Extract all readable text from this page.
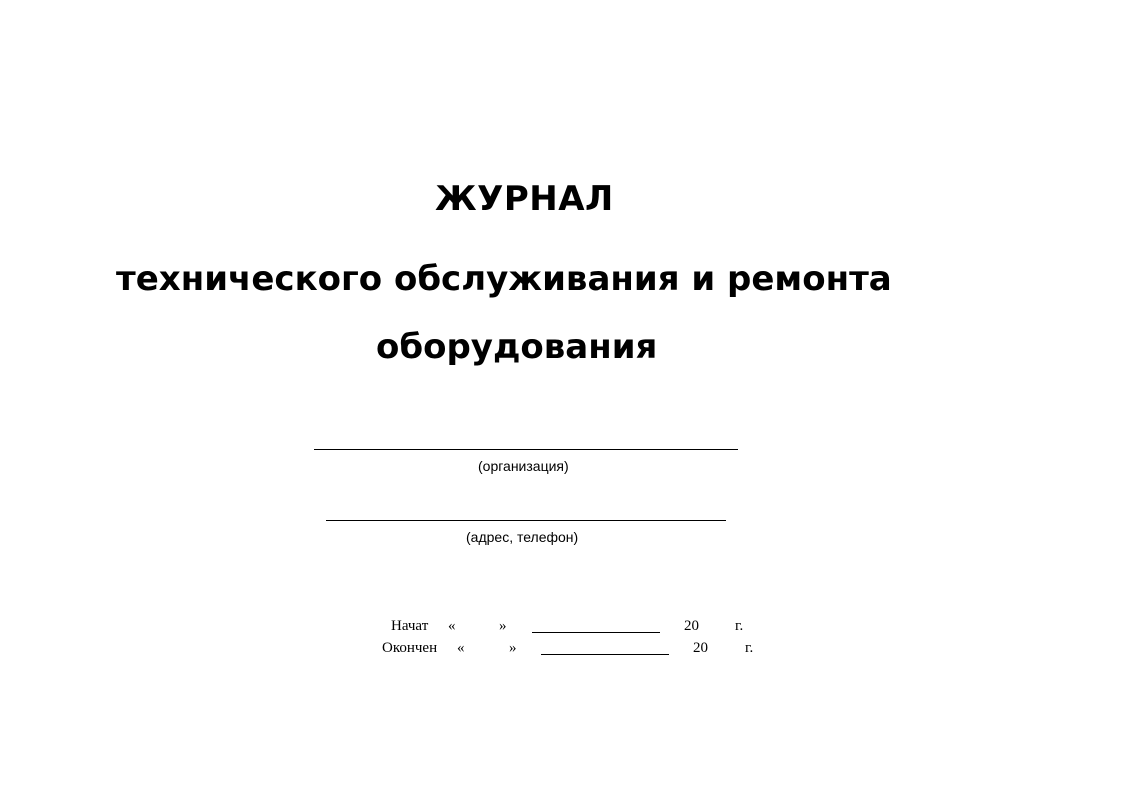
ЖУРНАЛ
технического обслуживания и ремонта
оборудования
(организация)
(адрес, телефон)
Начат «	»	20 г.
Окончен «	»	20 г.
